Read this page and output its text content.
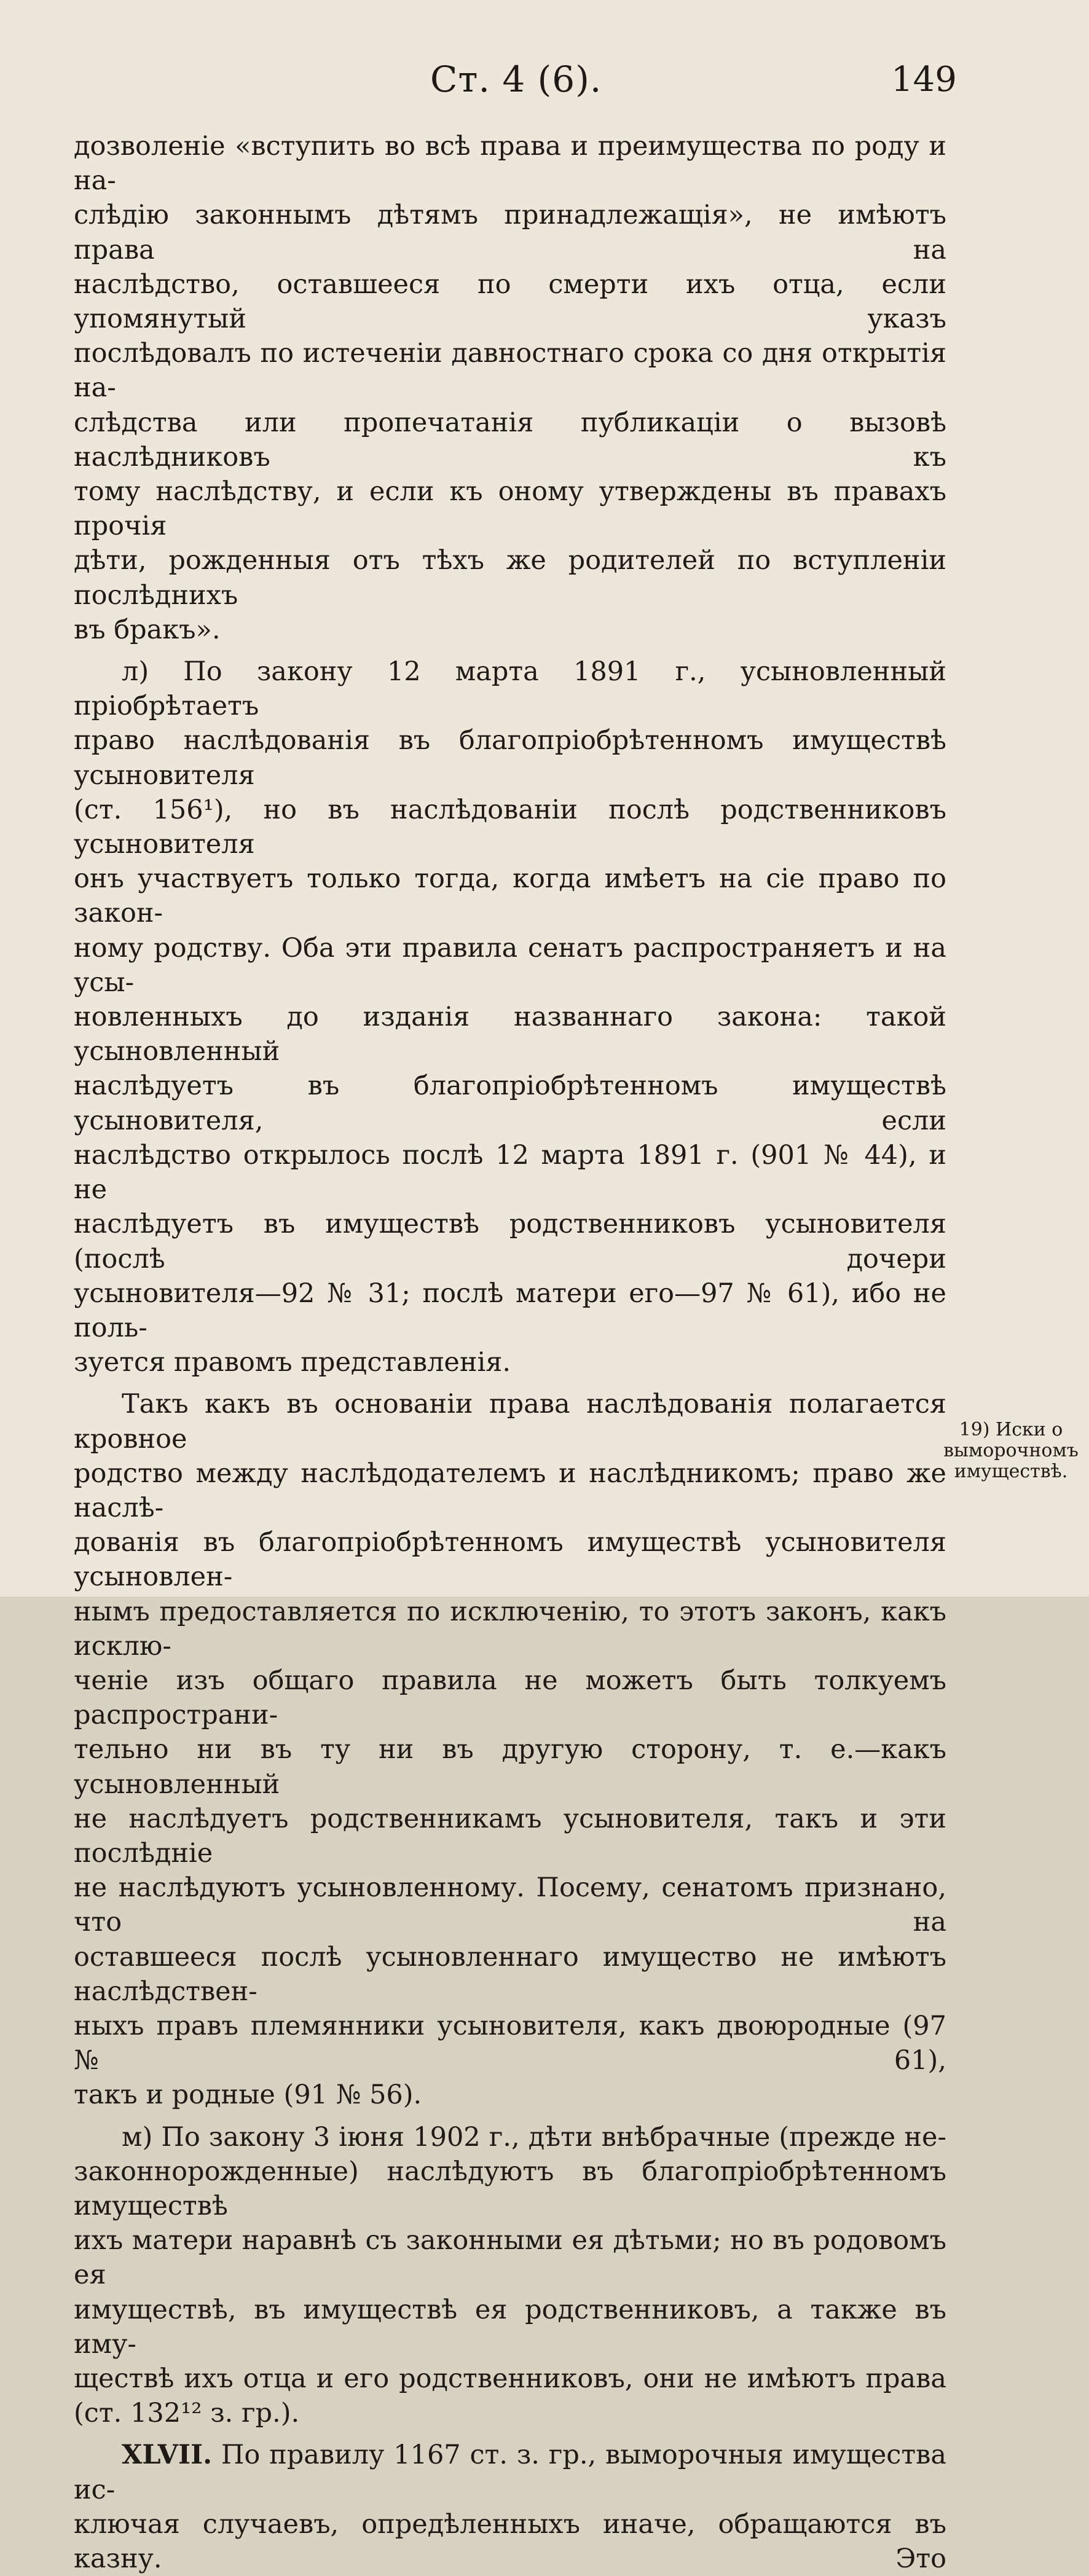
Ст. 4 (6).	149

дозволеніе «вступить во всѣ права и преимущества по роду и на-

слѣдію законнымъ дѣтямъ принадлежащія», не имѣютъ права на

наслѣдство, оставшееся по смерти ихъ отца, если упомянутый указъ

послѣдовалъ по истеченіи давностнаго срока со дня открытія на-

слѣдства или пропечатанія публикаціи о вызовѣ наслѣдниковъ къ

тому наслѣдству, и если къ оному утверждены въ правахъ прочія

дѣти, рожденныя отъ тѣхъ же родителей по вступленіи послѣднихъ

въ бракъ».

л) По закону 12 марта 1891 г., усыновленный пріобрѣтаетъ

право наслѣдованія въ благопріобрѣтенномъ имуществѣ усыновителя

(ст. 156¹), но въ наслѣдованіи послѣ родственниковъ усыновителя

онъ участвуетъ только тогда, когда имѣетъ на сіе право по закон-

ному родству. Оба эти правила сенатъ распространяетъ и на усы-

новленныхъ до изданія названнаго закона: такой усыновленный

наслѣдуетъ въ благопріобрѣтенномъ имуществѣ усыновителя, если

наслѣдство открылось послѣ 12 марта 1891 г. (901 № 44), и не

наслѣдуетъ въ имуществѣ родственниковъ усыновителя (послѣ дочери

усыновителя—92 № 31; послѣ матери его—97 № 61), ибо не поль-

зуется правомъ представленія.

Такъ какъ въ основаніи права наслѣдованія полагается кровное

родство между наслѣдодателемъ и наслѣдникомъ; право же наслѣ-

дованія въ благопріобрѣтенномъ имуществѣ усыновителя усыновлен-

нымъ предоставляется по исключенію, то этотъ законъ, какъ исклю-

ченіе изъ общаго правила не можетъ быть толкуемъ распространи-

тельно ни въ ту ни въ другую сторону, т. е.—какъ усыновленный

не наслѣдуетъ родственникамъ усыновителя, такъ и эти послѣдніе

не наслѣдуютъ усыновленному. Посему, сенатомъ признано, что на

оставшееся послѣ усыновленнаго имущество не имѣютъ наслѣдствен-

ныхъ правъ племянники усыновителя, какъ двоюродные (97 № 61),

такъ и родные (91 № 56).

м) По закону 3 іюня 1902 г., дѣти внѣбрачные (прежде не-

законнорожденные) наслѣдуютъ въ благопріобрѣтенномъ имуществѣ

ихъ матери наравнѣ съ законными ея дѣтьми; но въ родовомъ ея

имуществѣ, въ имуществѣ ея родственниковъ, а также въ иму-

ществѣ ихъ отца и его родственниковъ, они не имѣютъ права

(ст. 132¹² з. гр.).

XLVII. По правилу 1167 ст. з. гр., выморочныя имущества ис-

ключая случаевъ, опредѣленныхъ иначе, обращаются въ казну. Это

19) Иски о
выморочномъ
имуществѣ.
